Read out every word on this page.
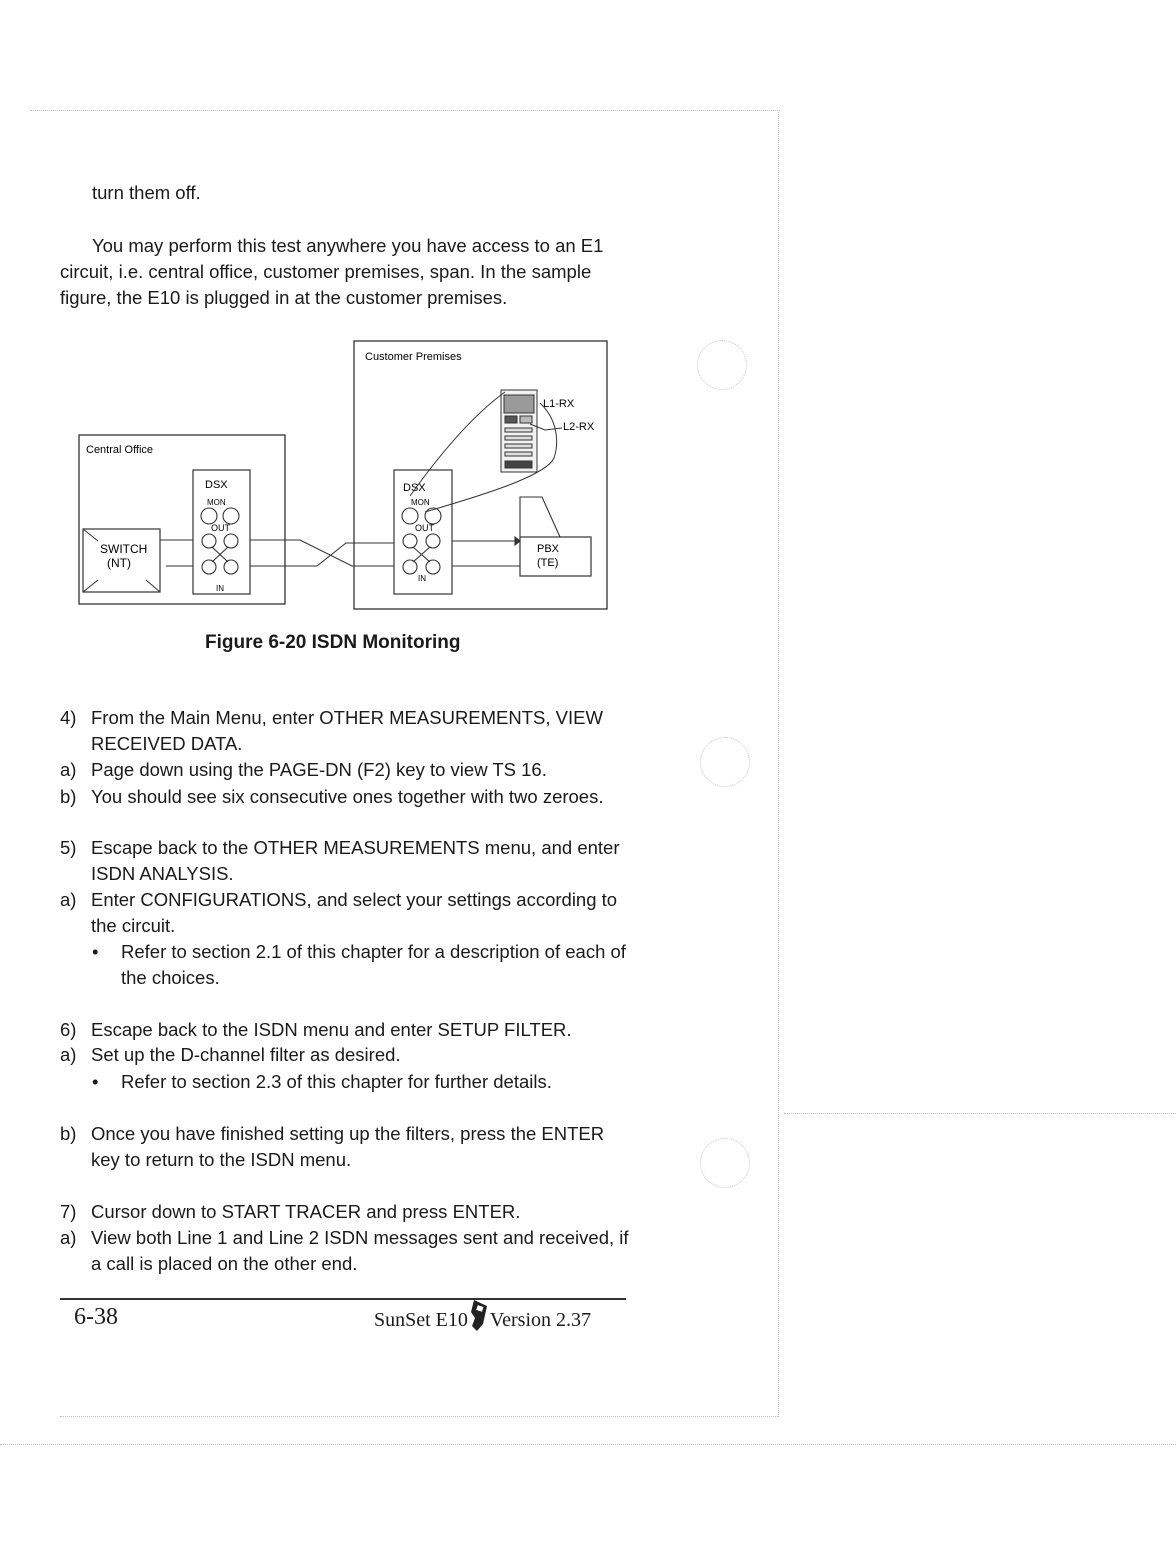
turn them off.

You may perform this test anywhere you have access to an E1 circuit, i.e. central office, customer premises, span. In the sample figure, the E10 is plugged in at the customer premises.

Customer Premises
Central Office
SWITCH
(NT)
DSX
MON
OUT
IN
DSX
MON
OUT
IN
PBX
(TE)
L1-RX
L2-RX
Figure 6-20 ISDN Monitoring
4) From the Main Menu, enter OTHER MEASUREMENTS, VIEW RECEIVED DATA.
a) Page down using the PAGE-DN (F2) key to view TS 16.
b) You should see six consecutive ones together with two zeroes.
5) Escape back to the OTHER MEASUREMENTS menu, and enter ISDN ANALYSIS.
a) Enter CONFIGURATIONS, and select your settings according to the circuit.
• Refer to section 2.1 of this chapter for a description of each of the choices.
6) Escape back to the ISDN menu and enter SETUP FILTER.
a) Set up the D-channel filter as desired.
• Refer to section 2.3 of this chapter for further details.
b) Once you have finished setting up the filters, press the ENTER key to return to the ISDN menu.
7) Cursor down to START TRACER and press ENTER.
a) View both Line 1 and Line 2 ISDN messages sent and received, if a call is placed on the other end.
6-38	SunSet E10 Version 2.37
